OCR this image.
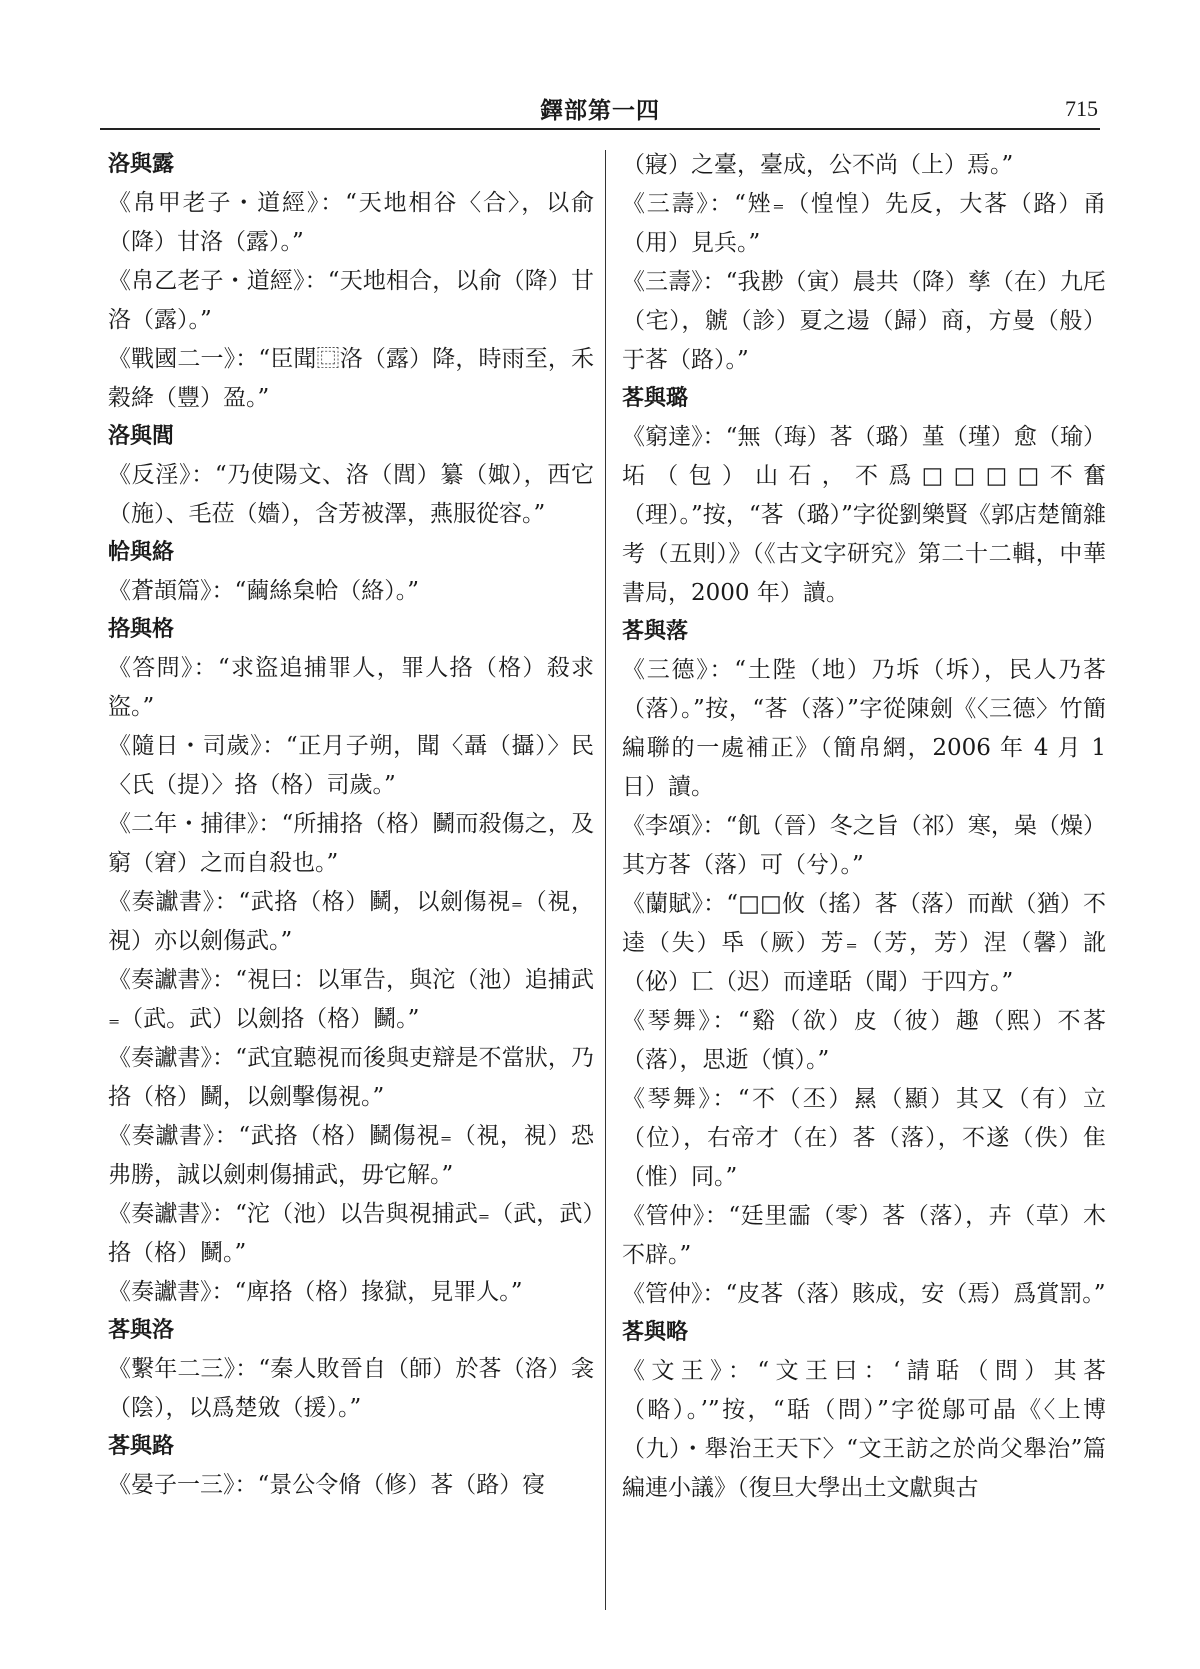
鐸部第一四	715

洛與露

《帛甲老子・道經》：“天地相谷〈合〉，以俞（降）甘洛（露）。”

《帛乙老子・道經》：“天地相合，以俞（降）甘洛（露）。”

《戰國二一》：“臣聞⿴洛（露）降，時雨至，禾穀絳（豐）盈。”

洛與閭

《反淫》：“乃使陽文、洛（閭）纂（娵），西它（施）、毛莅（嬙），含芳被澤，燕服從容。”

帢與絡

《蒼頡篇》：“繭絲枲帢（絡）。”

挌與格

《答問》：“求盜追捕罪人，罪人挌（格）殺求盜。”

《隨日・司歲》：“正月子朔，聞〈聶（攝）〉民〈氏（提）〉挌（格）司歲。”

《二年・捕律》：“所捕挌（格）鬭而殺傷之，及窮（窘）之而自殺也。”

《奏讞書》：“武挌（格）鬭，以劍傷視₌（視，視）亦以劍傷武。”

《奏讞書》：“視曰：以軍告，與沱（池）追捕武₌（武。武）以劍挌（格）鬭。”

《奏讞書》：“武宜聽視而後與吏辯是不當狀，乃挌（格）鬭，以劍擊傷視。”

《奏讞書》：“武挌（格）鬭傷視₌（視，視）恐弗勝，誠以劍刺傷捕武，毋它解。”

《奏讞書》：“沱（池）以告與視捕武₌（武，武）挌（格）鬭。”

《奏讞書》：“庳挌（格）掾獄，見罪人。”

茖與洛

《繫年二三》：“秦人敗晉自（師）於茖（洛）衾（陰），以爲楚敓（援）。”

茖與路

《晏子一三》：“景公令脩（修）茖（路）寑

（寢）之臺，臺成，公不尚（上）焉。”

《三壽》：“矬₌（惶惶）先反，大茖（路）甬（用）見兵。”

《三壽》：“我尠（寅）晨共（降）孳（在）九厇（宅），虩（診）夏之逿（歸）商，方曼（般）于茖（路）。”

茖與璐

《窮達》：“無（珻）茖（璐）堇（瑾）愈（瑜）坧（包）山石，不爲□□□□不奮（理）。”按，“茖（璐）”字從劉樂賢《郭店楚簡雜考（五則）》（《古文字研究》第二十二輯，中華書局，2000 年）讀。

茖與落

《三德》：“土陛（地）乃坼（坼），民人乃茖（落）。”按，“茖（落）”字從陳劍《〈三德〉竹簡編聯的一處補正》（簡帛網，2006 年 4 月 1 日）讀。

《李頌》：“飢（晉）冬之旨（祁）寒，喿（燥）其方茖（落）可（兮）。”

《蘭賦》：“□□攸（搖）茖（落）而猷（猶）不逵（失）氒（厥）芳₌（芳，芳）涅（馨）訛（佖）匸（迟）而達聒（聞）于四方。”

《琴舞》：“谿（欲）皮（彼）趣（熙）不茖（落），思逝（慎）。”

《琴舞》：“不（丕）㬎（顯）其又（有）立（位），右帝才（在）茖（落），不遂（佚）隹（惟）同。”

《管仲》：“廷里霝（零）茖（落），卉（草）木不辟。”

《管仲》：“皮茖（落）賅成，安（焉）爲賞罰。”

茖與略

《文王》：“文王曰：‘請聒（問）其茖（略）。’”按，“聒（問）”字從鄔可晶《〈上博（九）・舉治王天下〉“文王訪之於尚父舉治”篇編連小議》（復旦大學出土文獻與古
